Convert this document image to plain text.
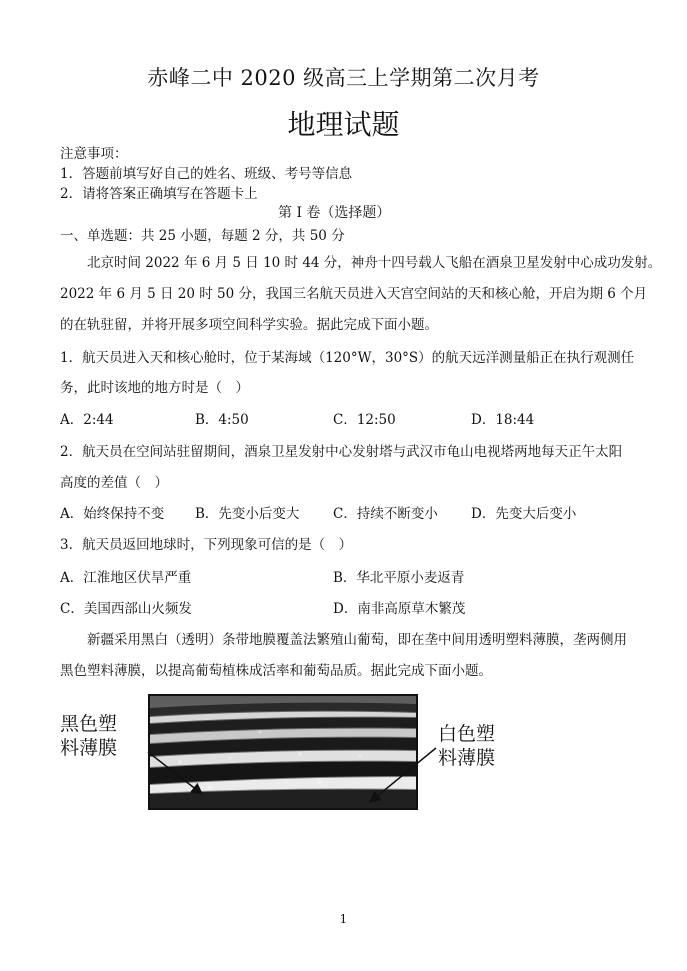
赤峰二中 2020 级高三上学期第二次月考
地理试题
注意事项：
1．答题前填写好自己的姓名、班级、考号等信息
2．请将答案正确填写在答题卡上
第 I 卷（选择题）
一、单选题：共 25 小题，每题 2 分，共 50 分
北京时间 2022 年 6 月 5 日 10 时 44 分，神舟十四号载人飞船在酒泉卫星发射中心成功发射。
2022 年 6 月 5 日 20 时 50 分，我国三名航天员进入天宫空间站的天和核心舱，开启为期 6 个月
的在轨驻留，并将开展多项空间科学实验。据此完成下面小题。
1．航天员进入天和核心舱时，位于某海域（120°W，30°S）的航天远洋测量船正在执行观测任
务，此时该地的地方时是（　）
A．2:44	B．4:50	C．12:50	D．18:44
2．航天员在空间站驻留期间，酒泉卫星发射中心发射塔与武汉市龟山电视塔两地每天正午太阳
高度的差值（　）
A．始终保持不变 B．先变小后变大 C．持续不断变小 D．先变大后变小
3．航天员返回地球时，下列现象可信的是（　）
A．江淮地区伏旱严重	B．华北平原小麦返青
C．美国西部山火频发	D．南非高原草木繁茂
新疆采用黑白（透明）条带地膜覆盖法繁殖山葡萄，即在垄中间用透明塑料薄膜，垄两侧用
黑色塑料薄膜，以提高葡萄植株成活率和葡萄品质。据此完成下面小题。
黑色塑
料薄膜
白色塑
料薄膜
1
